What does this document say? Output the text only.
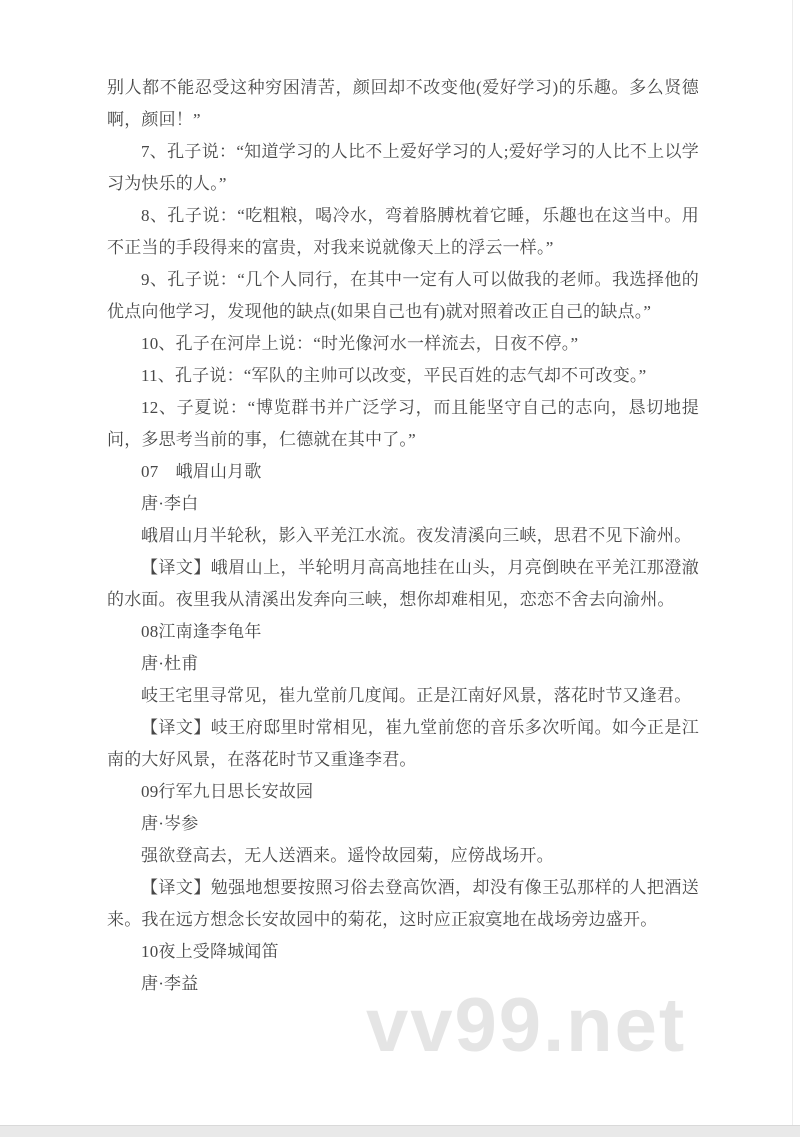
vv99.net

别人都不能忍受这种穷困清苦，颜回却不改变他(爱好学习)的乐趣。多么贤德啊，颜回！”

7、孔子说：“知道学习的人比不上爱好学习的人;爱好学习的人比不上以学习为快乐的人。”

8、孔子说：“吃粗粮，喝冷水，弯着胳膊枕着它睡，乐趣也在这当中。用不正当的手段得来的富贵，对我来说就像天上的浮云一样。”

9、孔子说：“几个人同行，在其中一定有人可以做我的老师。我选择他的优点向他学习，发现他的缺点(如果自己也有)就对照着改正自己的缺点。”

10、孔子在河岸上说：“时光像河水一样流去，日夜不停。”

11、孔子说：“军队的主帅可以改变，平民百姓的志气却不可改变。”

12、子夏说：“博览群书并广泛学习，而且能坚守自己的志向，恳切地提问，多思考当前的事，仁德就在其中了。”

07　峨眉山月歌

唐·李白

峨眉山月半轮秋，影入平羌江水流。夜发清溪向三峡，思君不见下渝州。

【译文】峨眉山上，半轮明月高高地挂在山头，月亮倒映在平羌江那澄澈的水面。夜里我从清溪出发奔向三峡，想你却难相见，恋恋不舍去向渝州。

08江南逢李龟年

唐·杜甫

岐王宅里寻常见，崔九堂前几度闻。正是江南好风景，落花时节又逢君。

【译文】岐王府邸里时常相见，崔九堂前您的音乐多次听闻。如今正是江南的大好风景，在落花时节又重逢李君。

09行军九日思长安故园

唐·岑参

强欲登高去，无人送酒来。遥怜故园菊，应傍战场开。

【译文】勉强地想要按照习俗去登高饮酒，却没有像王弘那样的人把酒送来。我在远方想念长安故园中的菊花，这时应正寂寞地在战场旁边盛开。

10夜上受降城闻笛

唐·李益
